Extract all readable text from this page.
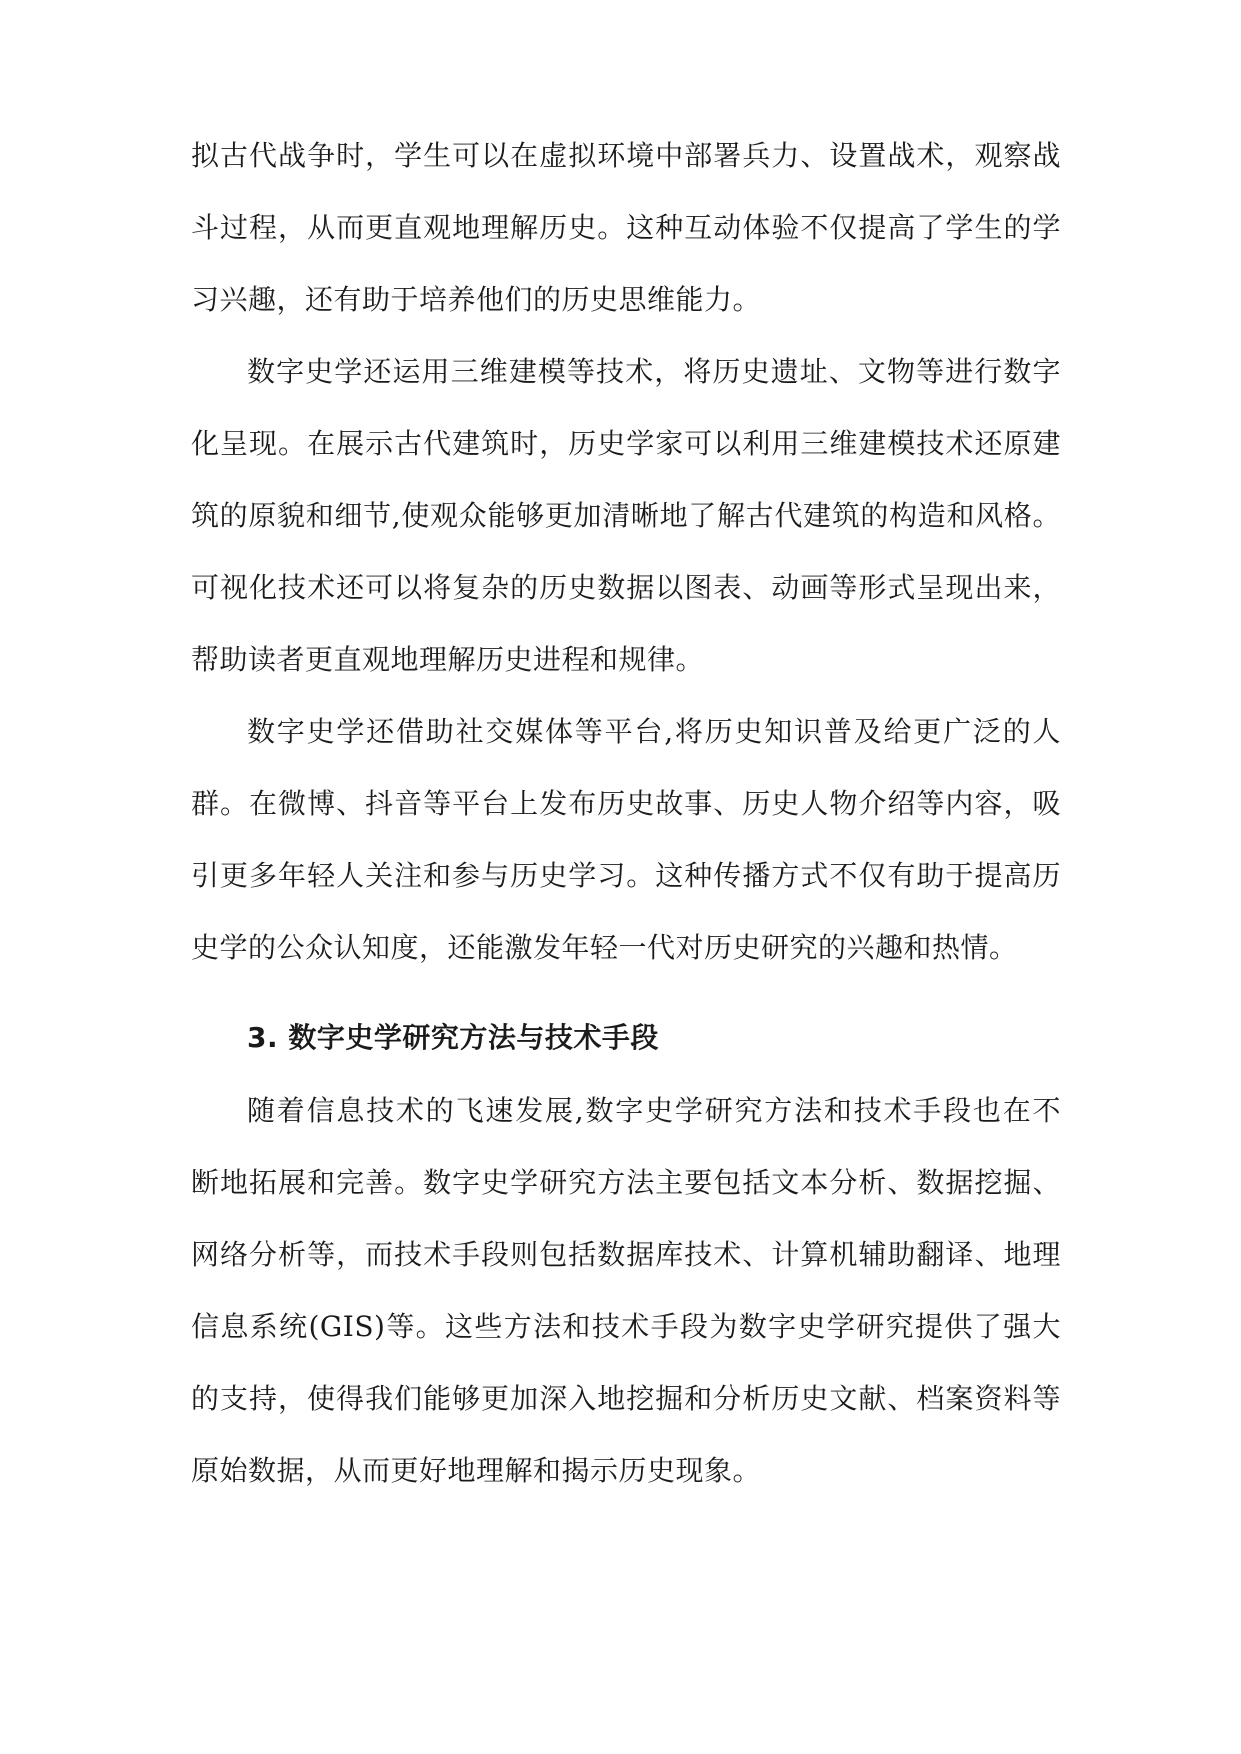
拟古代战争时，学生可以在虚拟环境中部署兵力、设置战术，观察战
斗过程，从而更直观地理解历史。这种互动体验不仅提高了学生的学
习兴趣，还有助于培养他们的历史思维能力。
数字史学还运用三维建模等技术，将历史遗址、文物等进行数字
化呈现。在展示古代建筑时，历史学家可以利用三维建模技术还原建
筑的原貌和细节,使观众能够更加清晰地了解古代建筑的构造和风格。
可视化技术还可以将复杂的历史数据以图表、动画等形式呈现出来，
帮助读者更直观地理解历史进程和规律。
数字史学还借助社交媒体等平台,将历史知识普及给更广泛的人
群。在微博、抖音等平台上发布历史故事、历史人物介绍等内容，吸
引更多年轻人关注和参与历史学习。这种传播方式不仅有助于提高历
史学的公众认知度，还能激发年轻一代对历史研究的兴趣和热情。
3. 数字史学研究方法与技术手段
随着信息技术的飞速发展,数字史学研究方法和技术手段也在不
断地拓展和完善。数字史学研究方法主要包括文本分析、数据挖掘、
网络分析等，而技术手段则包括数据库技术、计算机辅助翻译、地理
信息系统(GIS)等。这些方法和技术手段为数字史学研究提供了强大
的支持，使得我们能够更加深入地挖掘和分析历史文献、档案资料等
原始数据，从而更好地理解和揭示历史现象。
